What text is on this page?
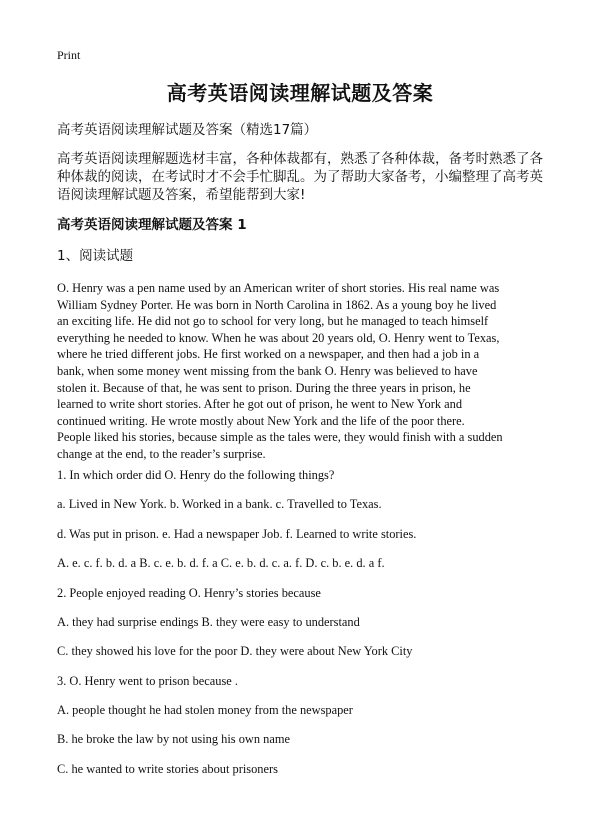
Print
高考英语阅读理解试题及答案
高考英语阅读理解试题及答案（精选17篇）
高考英语阅读理解题选材丰富，各种体裁都有，熟悉了各种体裁，备考时熟悉了各
种体裁的阅读，在考试时才不会手忙脚乱。为了帮助大家备考，小编整理了高考英
语阅读理解试题及答案，希望能帮到大家!
高考英语阅读理解试题及答案 1
1、阅读试题
O. Henry was a pen name used by an American writer of short stories. His real name was
William Sydney Porter. He was born in North Carolina in 1862. As a young boy he lived
an exciting life. He did not go to school for very long, but he managed to teach himself
everything he needed to know. When he was about 20 years old, O. Henry went to Texas,
where he tried different jobs. He first worked on a newspaper, and then had a job in a
bank, when some money went missing from the bank O. Henry was believed to have
stolen it. Because of that, he was sent to prison. During the three years in prison, he
learned to write short stories. After he got out of prison, he went to New York and
continued writing. He wrote mostly about New York and the life of the poor there.
People liked his stories, because simple as the tales were, they would finish with a sudden
change at the end, to the reader’s surprise.
1. In which order did O. Henry do the following things?
a. Lived in New York. b. Worked in a bank. c. Travelled to Texas.
d. Was put in prison. e. Had a newspaper Job. f. Learned to write stories.
A. e. c. f. b. d. a B. c. e. b. d. f. a C. e. b. d. c. a. f. D. c. b. e. d. a f.
2. People enjoyed reading O. Henry’s stories because
A. they had surprise endings B. they were easy to understand
C. they showed his love for the poor D. they were about New York City
3. O. Henry went to prison because .
A. people thought he had stolen money from the newspaper
B. he broke the law by not using his own name
C. he wanted to write stories about prisoners
